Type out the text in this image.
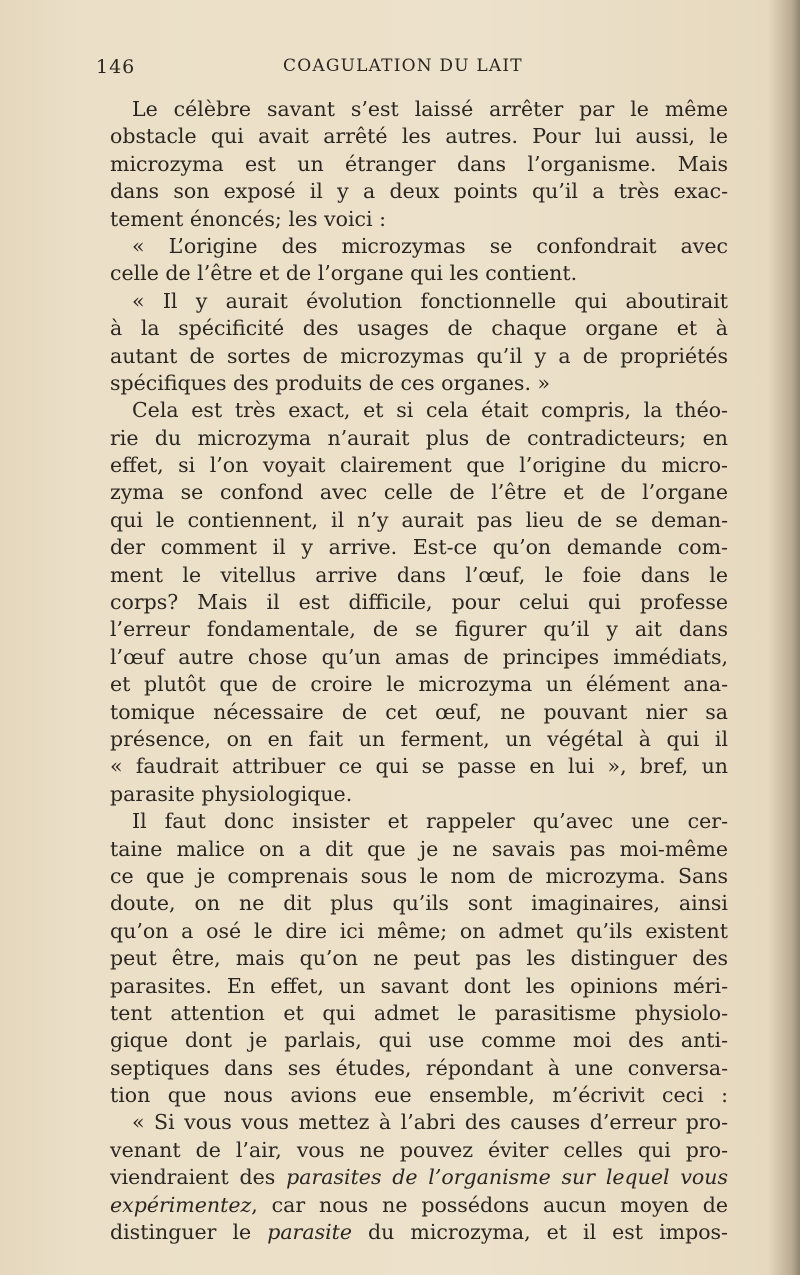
146	COAGULATION DU LAIT
Le célèbre savant s’est laissé arrêter par le même
obstacle qui avait arrêté les autres. Pour lui aussi, le
microzyma est un étranger dans l’organisme. Mais
dans son exposé il y a deux points qu’il a très exac-
tement énoncés; les voici :
« L’origine des microzymas se confondrait avec
celle de l’être et de l’organe qui les contient.
« Il y aurait évolution fonctionnelle qui aboutirait
à la spécificité des usages de chaque organe et à
autant de sortes de microzymas qu’il y a de propriétés
spécifiques des produits de ces organes. »
Cela est très exact, et si cela était compris, la théo-
rie du microzyma n’aurait plus de contradicteurs; en
effet, si l’on voyait clairement que l’origine du micro-
zyma se confond avec celle de l’être et de l’organe
qui le contiennent, il n’y aurait pas lieu de se deman-
der comment il y arrive. Est-ce qu’on demande com-
ment le vitellus arrive dans l’œuf, le foie dans le
corps? Mais il est difficile, pour celui qui professe
l’erreur fondamentale, de se figurer qu’il y ait dans
l’œuf autre chose qu’un amas de principes immédiats,
et plutôt que de croire le microzyma un élément ana-
tomique nécessaire de cet œuf, ne pouvant nier sa
présence, on en fait un ferment, un végétal à qui il
« faudrait attribuer ce qui se passe en lui », bref, un
parasite physiologique.
Il faut donc insister et rappeler qu’avec une cer-
taine malice on a dit que je ne savais pas moi-même
ce que je comprenais sous le nom de microzyma. Sans
doute, on ne dit plus qu’ils sont imaginaires, ainsi
qu’on a osé le dire ici même; on admet qu’ils existent
peut être, mais qu’on ne peut pas les distinguer des
parasites. En effet, un savant dont les opinions méri-
tent attention et qui admet le parasitisme physiolo-
gique dont je parlais, qui use comme moi des anti-
septiques dans ses études, répondant à une conversa-
tion que nous avions eue ensemble, m’écrivit ceci :
« Si vous vous mettez à l’abri des causes d’erreur pro-
venant de l’air, vous ne pouvez éviter celles qui pro-
viendraient des parasites de l’organisme sur lequel vous
expérimentez, car nous ne possédons aucun moyen de
distinguer le parasite du microzyma, et il est impos-
